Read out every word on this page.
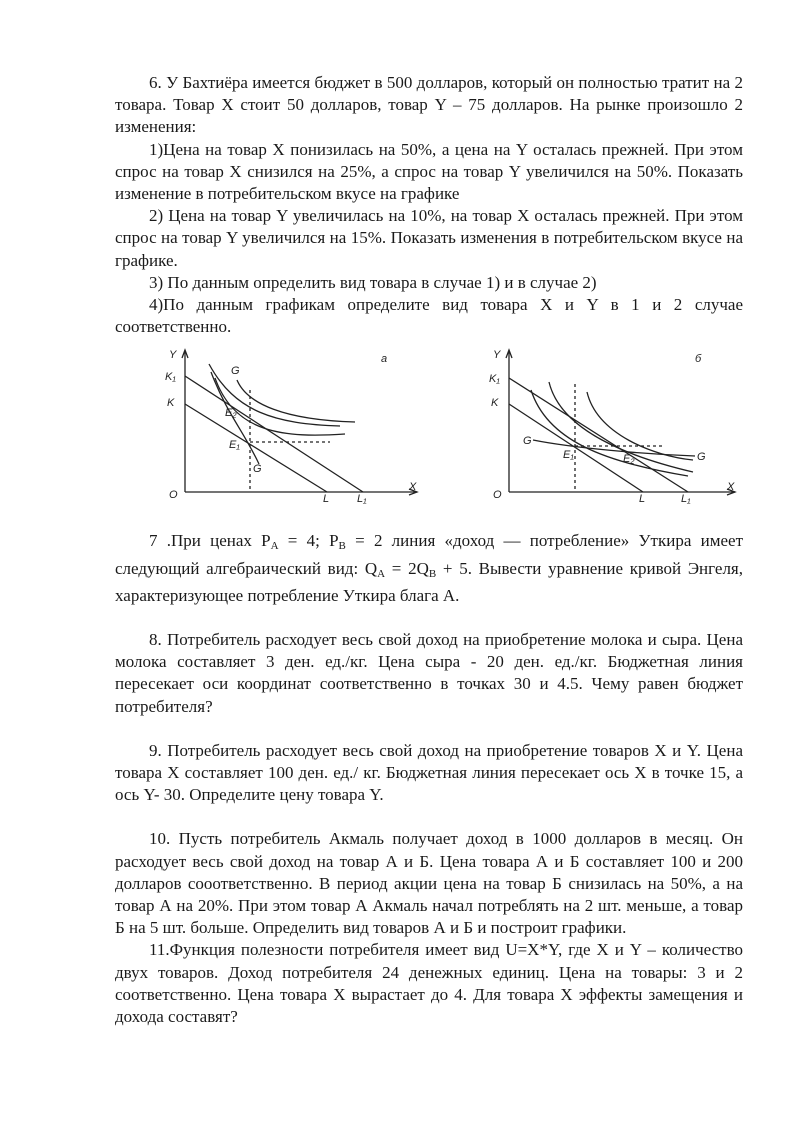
6. У Бахтиёра имеется бюджет в 500 долларов, который он полностью тратит на 2 товара. Товар X стоит 50 долларов, товар Y – 75 долларов. На рынке произошло 2 изменения:

1)Цена на товар X понизилась на 50%, а цена на Y осталась прежней. При этом спрос на товар X снизился на 25%, а спрос на товар Y увеличился на 50%. Показать изменение в потребительском вкусе на графике

2) Цена на товар Y увеличилась на 10%, на товар X осталась прежней. При этом спрос на товар Y увеличился на 15%. Показать изменения в потребительском вкусе на графике.

3) По данным определить вид товара в случае 1) и в случае 2)

4)По данным графикам определите вид товара X и Y в 1 и 2 случае соответственно.

Y
K₁
K
O	L	L₁
X
G
G
E₂
E₁
а	Y
K₁
K
O	L	L₁
X
G
G
E₁	E₂
б

7 .При ценах $P_A = 4$; $P_B = 2$ линия «доход — потребление» Уткира имеет следующий алгебраический вид: $Q_A = 2Q_B + 5$. Вывести уравнение кривой Энгеля, характеризующее потребление Уткира блага А.

8. Потребитель расходует весь свой доход на приобретение молока и сыра. Цена молока составляет 3 ден. ед./кг. Цена сыра - 20 ден. ед./кг. Бюджетная линия пересекает оси координат соответственно в точках 30 и 4.5. Чему равен бюджет потребителя?

9. Потребитель расходует весь свой доход на приобретение товаров X и Y. Цена товара X составляет 100 ден. ед./ кг. Бюджетная линия пересекает ось X в точке 15, а ось Y- 30. Определите цену товара Y.

10. Пусть потребитель Акмаль получает доход в 1000 долларов в месяц. Он расходует весь свой доход на товар А и Б. Цена товара А и Б составляет 100 и 200 долларов сооответственно. В период акции цена на товар Б снизилась на 50%, а на товар А на 20%. При этом товар А Акмаль начал потреблять на 2 шт. меньше, а товар Б на 5 шт. больше. Определить вид товаров А и Б и построит графики.

11.Функция полезности потребителя имеет вид U=X*Y, где X и Y – количество двух товаров. Доход потребителя 24 денежных единиц. Цена на товары: 3 и 2 соответственно. Цена товара X вырастает до 4. Для товара X эффекты замещения и дохода составят?
